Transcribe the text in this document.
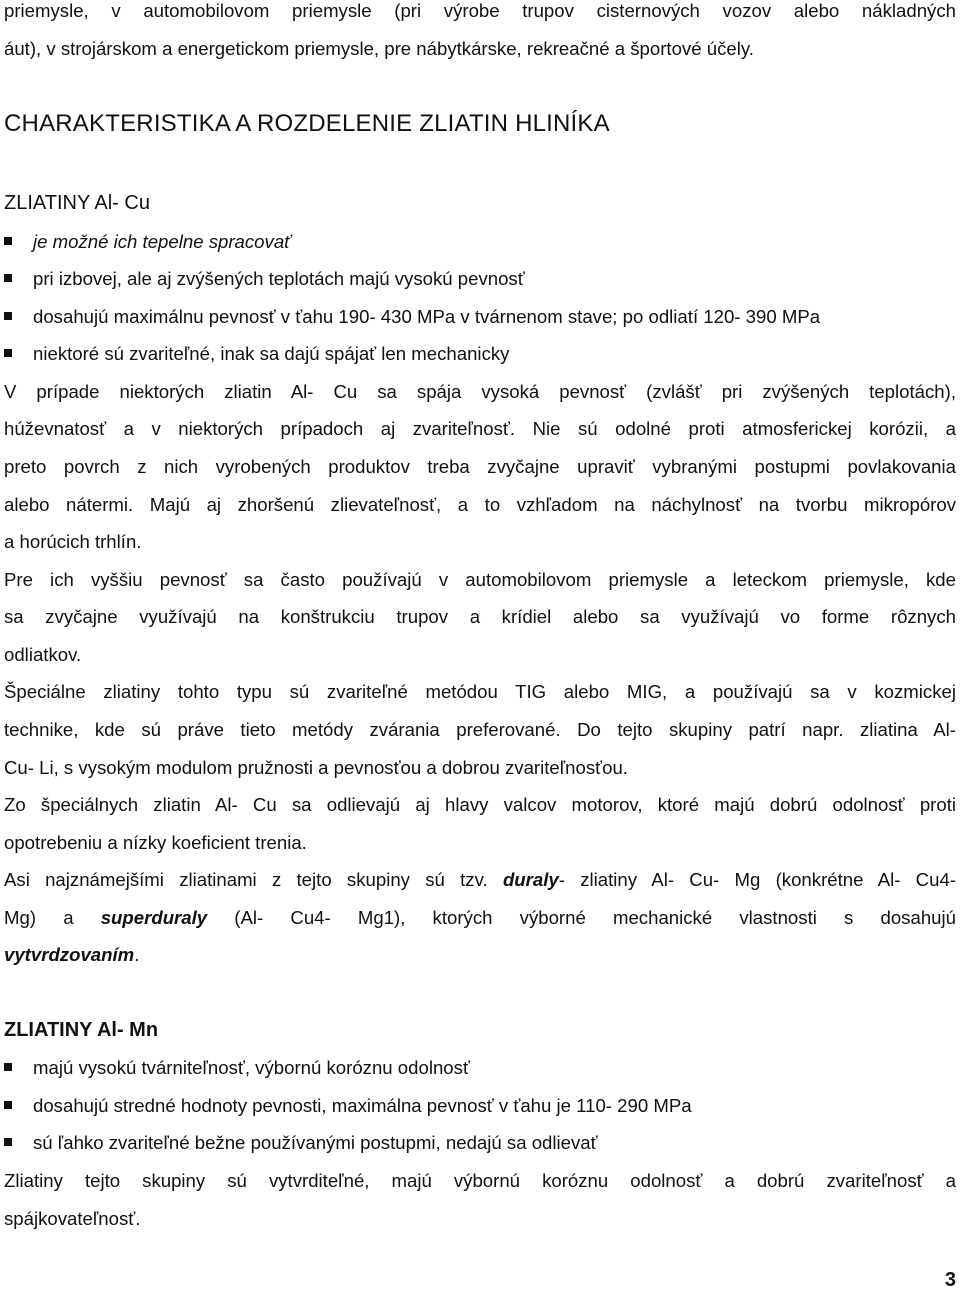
priemysle, v automobilovom priemysle (pri výrobe trupov cisternových vozov alebo nákladných
áut), v strojárskom a energetickom priemysle, pre nábytkárske, rekreačné a športové účely.
CHARAKTERISTIKA A ROZDELENIE ZLIATIN HLINÍKA
ZLIATINY Al- Cu
je možné ich tepelne spracovať
pri izbovej, ale aj zvýšených teplotách majú vysokú pevnosť
dosahujú maximálnu pevnosť v ťahu 190- 430 MPa v tvárnenom stave; po odliatí 120- 390 MPa
niektoré sú zvariteľné, inak sa dajú spájať len mechanicky
V prípade niektorých zliatin Al- Cu sa spája vysoká pevnosť (zvlášť pri zvýšených teplotách),
húževnatosť a v niektorých prípadoch aj zvariteľnosť. Nie sú odolné proti atmosferickej korózii, a
preto povrch z nich vyrobených produktov treba zvyčajne upraviť vybranými postupmi povlakovania
alebo nátermi. Majú aj zhoršenú zlievateľnosť, a to vzhľadom na náchylnosť na tvorbu mikropórov
a horúcich trhlín.
Pre ich vyššiu pevnosť sa často používajú v automobilovom priemysle a leteckom priemysle, kde
sa zvyčajne využívajú na konštrukciu trupov a krídiel alebo sa využívajú vo forme rôznych
odliatkov.
Špeciálne zliatiny tohto typu sú zvariteľné metódou TIG alebo MIG, a používajú sa v kozmickej
technike, kde sú práve tieto metódy zvárania preferované. Do tejto skupiny patrí napr. zliatina Al-
Cu- Li, s vysokým modulom pružnosti a pevnosťou a dobrou zvariteľnosťou.
Zo špeciálnych zliatin Al- Cu sa odlievajú aj hlavy valcov motorov, ktoré majú dobrú odolnosť proti
opotrebeniu a nízky koeficient trenia.
Asi najznámejšími zliatinami z tejto skupiny sú tzv. duraly- zliatiny Al- Cu- Mg (konkrétne Al- Cu4-
Mg) a superduraly (Al- Cu4- Mg1), ktorých výborné mechanické vlastnosti s dosahujú
vytvrdzovaním.
ZLIATINY Al- Mn
majú vysokú tvárniteľnosť, výbornú koróznu odolnosť
dosahujú stredné hodnoty pevnosti, maximálna pevnosť v ťahu je 110- 290 MPa
sú ľahko zvariteľné bežne používanými postupmi, nedajú sa odlievať
Zliatiny tejto skupiny sú vytvrditeľné, majú výbornú koróznu odolnosť a dobrú zvariteľnosť a
spájkovateľnosť.
3
